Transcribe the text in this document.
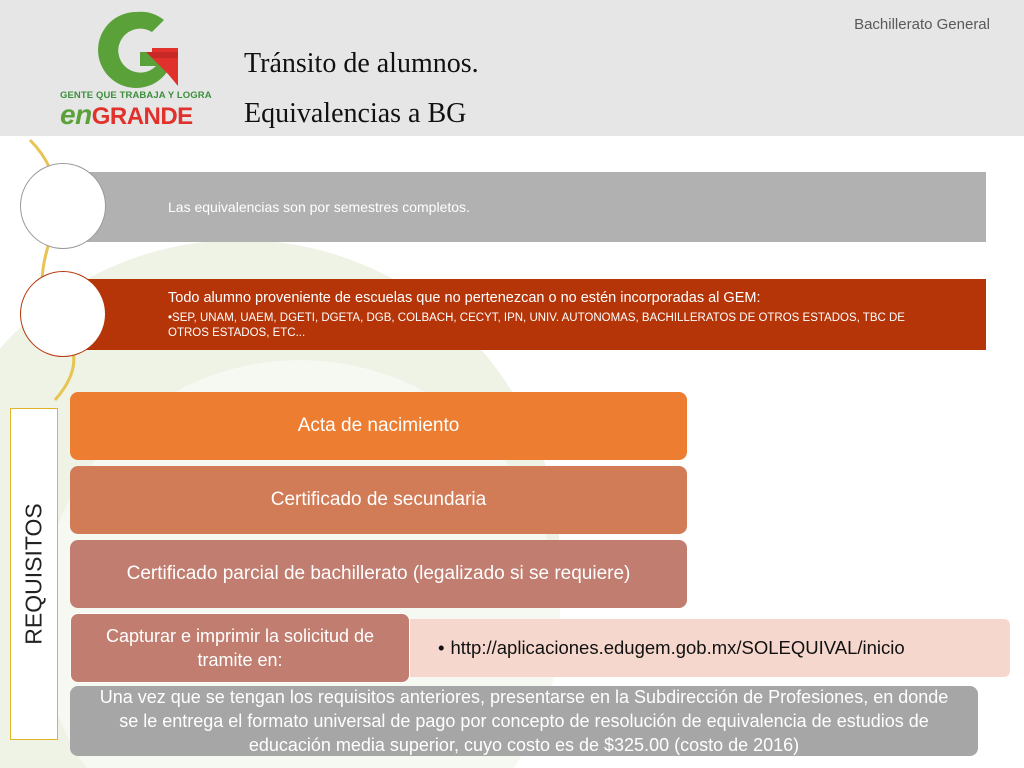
Bachillerato General
GENTE QUE TRABAJA Y LOGRA
enGRANDE
Tránsito de alumnos.
Equivalencias a BG
Las equivalencias son por semestres completos.
Todo alumno proveniente de escuelas que no pertenezcan o no estén incorporadas al GEM:
•SEP, UNAM, UAEM, DGETI, DGETA, DGB, COLBACH, CECYT, IPN, UNIV. AUTONOMAS, BACHILLERATOS DE OTROS ESTADOS, TBC DE OTROS ESTADOS, ETC...
REQUISITOS
Acta de nacimiento
Certificado de secundaria
Certificado parcial de bachillerato (legalizado si se requiere)
• http://aplicaciones.edugem.gob.mx/SOLEQUIVAL/inicio
Capturar e imprimir la solicitud de tramite en:
Una vez que se tengan los requisitos anteriores, presentarse en la Subdirección de Profesiones, en donde se le entrega el formato universal de pago por concepto de resolución de equivalencia de estudios de educación media superior, cuyo costo es de $325.00 (costo de 2016)
